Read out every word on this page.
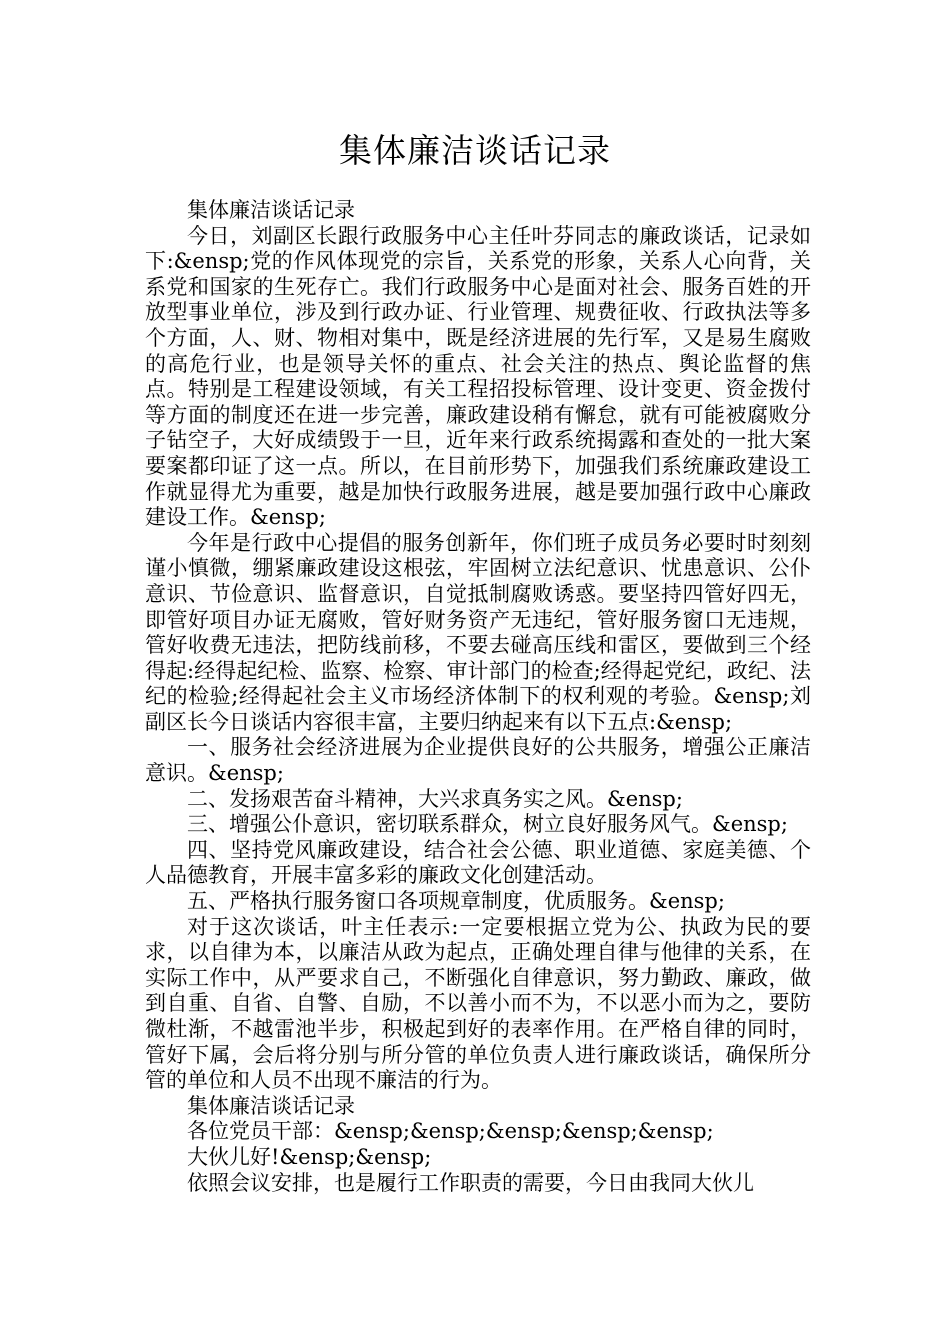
集体廉洁谈话记录

集体廉洁谈话记录

今日，刘副区长跟行政服务中心主任叶芬同志的廉政谈话，记录如下:&ensp;党的作风体现党的宗旨，关系党的形象，关系人心向背，关系党和国家的生死存亡。我们行政服务中心是面对社会、服务百姓的开放型事业单位，涉及到行政办证、行业管理、规费征收、行政执法等多个方面，人、财、物相对集中，既是经济进展的先行军，又是易生腐败的高危行业，也是领导关怀的重点、社会关注的热点、舆论监督的焦点。特别是工程建设领域，有关工程招投标管理、设计变更、资金拨付等方面的制度还在进一步完善，廉政建设稍有懈怠，就有可能被腐败分子钻空子，大好成绩毁于一旦，近年来行政系统揭露和查处的一批大案要案都印证了这一点。所以，在目前形势下，加强我们系统廉政建设工作就显得尤为重要，越是加快行政服务进展，越是要加强行政中心廉政建设工作。&ensp;

今年是行政中心提倡的服务创新年，你们班子成员务必要时时刻刻谨小慎微，绷紧廉政建设这根弦，牢固树立法纪意识、忧患意识、公仆意识、节俭意识、监督意识，自觉抵制腐败诱惑。要坚持四管好四无，即管好项目办证无腐败，管好财务资产无违纪，管好服务窗口无违规，管好收费无违法，把防线前移，不要去碰高压线和雷区，要做到三个经得起:经得起纪检、监察、检察、审计部门的检查;经得起党纪，政纪、法纪的检验;经得起社会主义市场经济体制下的权利观的考验。&ensp;刘副区长今日谈话内容很丰富，主要归纳起来有以下五点:&ensp;

一、服务社会经济进展为企业提供良好的公共服务，增强公正廉洁意识。&ensp;

二、发扬艰苦奋斗精神，大兴求真务实之风。&ensp;

三、增强公仆意识，密切联系群众，树立良好服务风气。&ensp;

四、坚持党风廉政建设，结合社会公德、职业道德、家庭美德、个人品德教育，开展丰富多彩的廉政文化创建活动。

五、严格执行服务窗口各项规章制度，优质服务。&ensp;

对于这次谈话，叶主任表示:一定要根据立党为公、执政为民的要求，以自律为本，以廉洁从政为起点，正确处理自律与他律的关系，在实际工作中，从严要求自己，不断强化自律意识，努力勤政、廉政，做到自重、自省、自警、自励，不以善小而不为，不以恶小而为之，要防微杜渐，不越雷池半步，积极起到好的表率作用。在严格自律的同时，管好下属，会后将分别与所分管的单位负责人进行廉政谈话，确保所分管的单位和人员不出现不廉洁的行为。

集体廉洁谈话记录

各位党员干部：&ensp;&ensp;&ensp;&ensp;&ensp;

大伙儿好!&ensp;&ensp;

依照会议安排，也是履行工作职责的需要，今日由我同大伙儿
